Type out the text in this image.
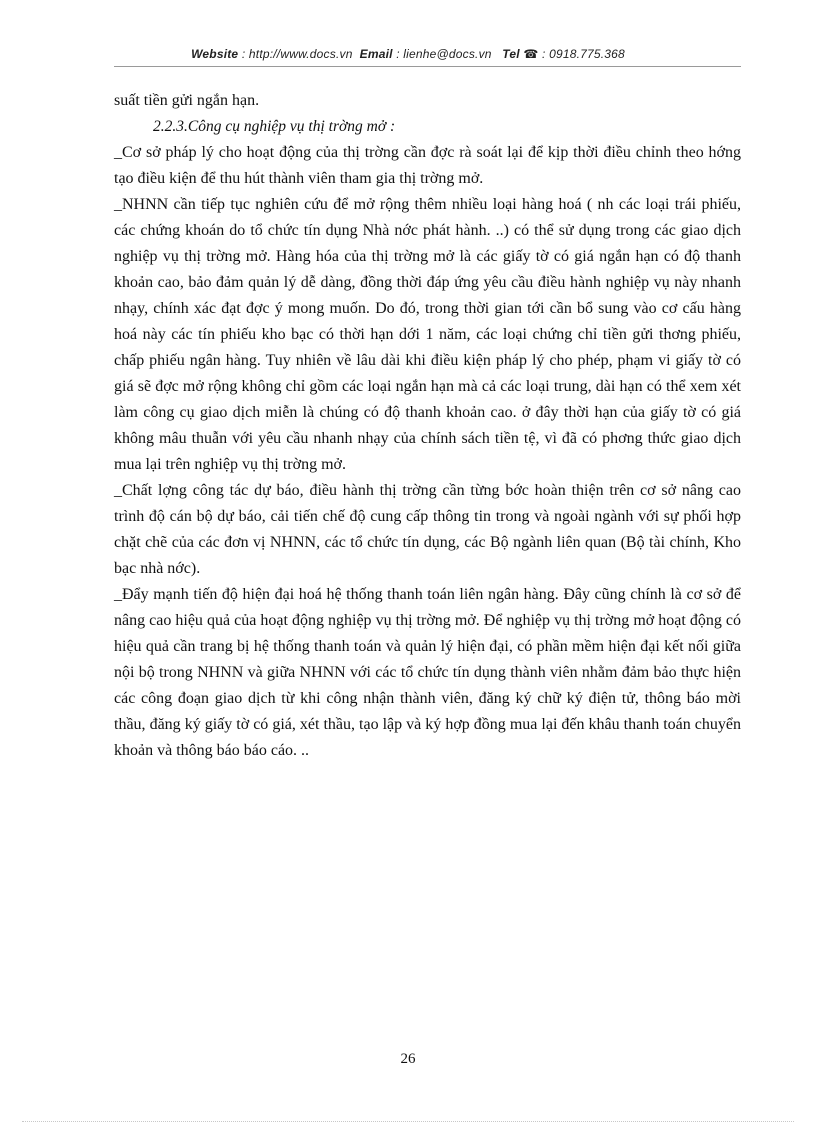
Website : http://www.docs.vn Email : lienhe@docs.vn Tel ☎ : 0918.775.368

suất tiền gửi ngắn hạn.

2.2.3.Công cụ nghiệp vụ thị trờng mở :

_Cơ sở pháp lý cho hoạt động của thị trờng cần đợc rà soát lại để kịp thời điều chỉnh theo hớng tạo điều kiện để thu hút thành viên tham gia thị trờng mở.

_NHNN cần tiếp tục nghiên cứu để mở rộng thêm nhiều loại hàng hoá ( nh các loại trái phiếu, các chứng khoán do tổ chức tín dụng Nhà nớc phát hành. ..) có thể sử dụng trong các giao dịch nghiệp vụ thị trờng mở. Hàng hóa của thị trờng mở là các giấy tờ có giá ngắn hạn có độ thanh khoản cao, bảo đảm quản lý dễ dàng, đồng thời đáp ứng yêu cầu điều hành nghiệp vụ này nhanh nhạy, chính xác đạt đợc ý mong muốn. Do đó, trong thời gian tới cần bổ sung vào cơ cấu hàng hoá này các tín phiếu kho bạc có thời hạn dới 1 năm, các loại chứng chỉ tiền gửi thơng phiếu, chấp phiếu ngân hàng. Tuy nhiên về lâu dài khi điều kiện pháp lý cho phép, phạm vi giấy tờ có giá sẽ đợc mở rộng không chỉ gồm các loại ngắn hạn mà cả các loại trung, dài hạn có thể xem xét làm công cụ giao dịch miễn là chúng có độ thanh khoản cao. ở đây thời hạn của giấy tờ có giá không mâu thuẫn với yêu cầu nhanh nhạy của chính sách tiền tệ, vì đã có phơng thức giao dịch mua lại trên nghiệp vụ thị trờng mở.

_Chất lợng công tác dự báo, điều hành thị trờng cần từng bớc hoàn thiện trên cơ sở nâng cao trình độ cán bộ dự báo, cải tiến chế độ cung cấp thông tin trong và ngoài ngành với sự phối hợp chặt chẽ của các đơn vị NHNN, các tổ chức tín dụng, các Bộ ngành liên quan (Bộ tài chính, Kho bạc nhà nớc).

_Đẩy mạnh tiến độ hiện đại hoá hệ thống thanh toán liên ngân hàng. Đây cũng chính là cơ sở để nâng cao hiệu quả của hoạt động nghiệp vụ thị trờng mở. Để nghiệp vụ thị trờng mở hoạt động có hiệu quả cần trang bị hệ thống thanh toán và quản lý hiện đại, có phần mềm hiện đại kết nối giữa nội bộ trong NHNN và giữa NHNN với các tổ chức tín dụng thành viên nhằm đảm bảo thực hiện các công đoạn giao dịch từ khi công nhận thành viên, đăng ký chữ ký điện tử, thông báo mời thầu, đăng ký giấy tờ có giá, xét thầu, tạo lập và ký hợp đồng mua lại đến khâu thanh toán chuyển khoản và thông báo báo cáo. ..

26
